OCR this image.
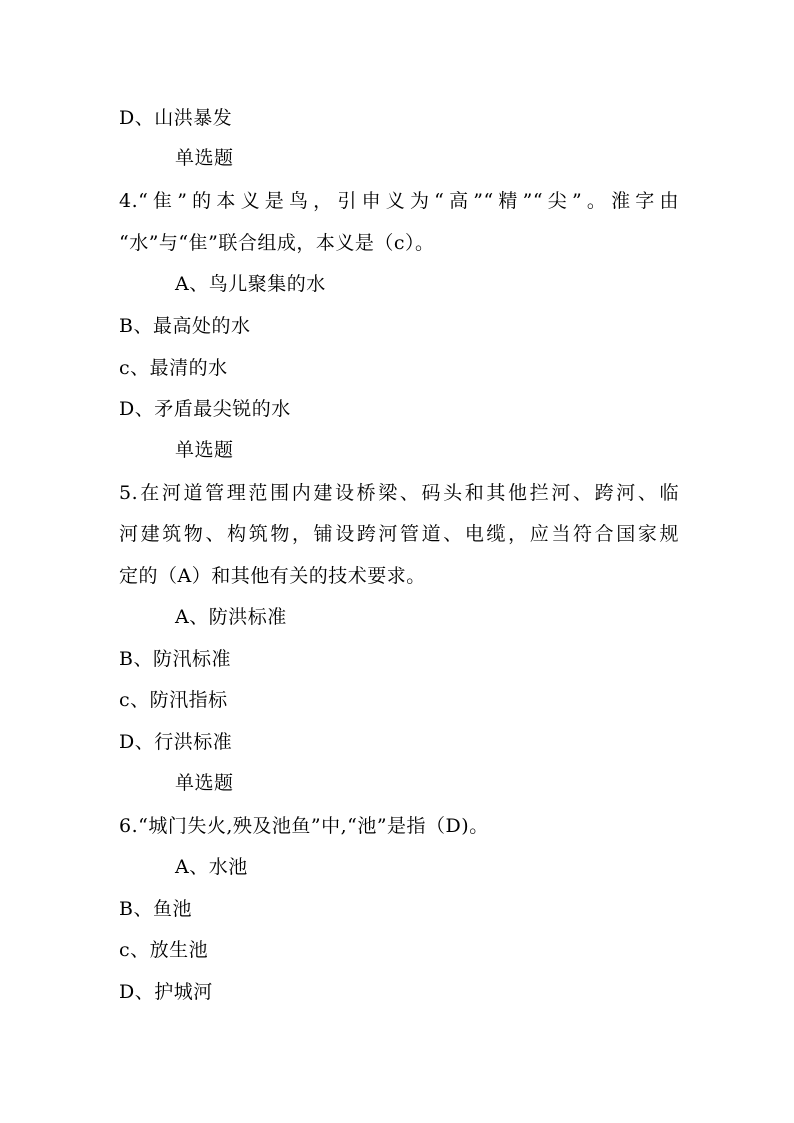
D、山洪暴发
单选题
4.“隹”的本义是鸟，引申义为“高”“精”“尖”。淮字由
“水”与“隹”联合组成，本义是（c）。
A、鸟儿聚集的水
B、最高处的水
c、最清的水
D、矛盾最尖锐的水
单选题
5.在河道管理范围内建设桥梁、码头和其他拦河、跨河、临
河建筑物、构筑物，铺设跨河管道、电缆，应当符合国家规
定的（A）和其他有关的技术要求。
A、防洪标准
B、防汛标准
c、防汛指标
D、行洪标准
单选题
6.“城门失火,殃及池鱼”中,“池”是指（D)。
A、水池
B、鱼池
c、放生池
D、护城河
